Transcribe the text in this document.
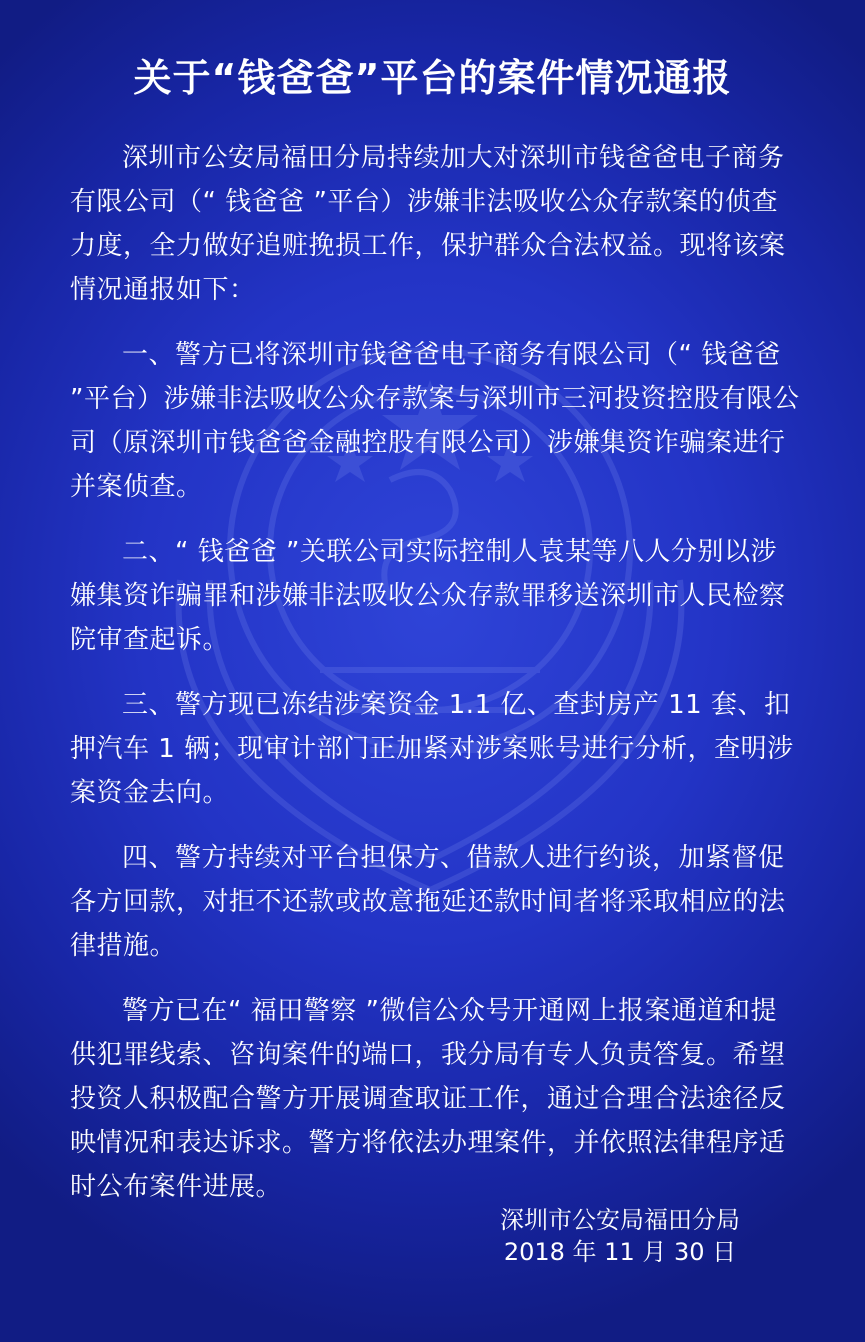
关于“钱爸爸”平台的案件情况通报

深圳市公安局福田分局持续加大对深圳市钱爸爸电子商务有限公司（“ 钱爸爸 ”平台）涉嫌非法吸收公众存款案的侦查力度，全力做好追赃挽损工作，保护群众合法权益。现将该案情况通报如下：

一、警方已将深圳市钱爸爸电子商务有限公司（“ 钱爸爸 ”平台）涉嫌非法吸收公众存款案与深圳市三河投资控股有限公司（原深圳市钱爸爸金融控股有限公司）涉嫌集资诈骗案进行并案侦查。

二、“ 钱爸爸 ”关联公司实际控制人袁某等八人分别以涉嫌集资诈骗罪和涉嫌非法吸收公众存款罪移送深圳市人民检察院审查起诉。

三、警方现已冻结涉案资金 1.1 亿、查封房产 11 套、扣押汽车 1 辆；现审计部门正加紧对涉案账号进行分析，查明涉案资金去向。

四、警方持续对平台担保方、借款人进行约谈，加紧督促各方回款，对拒不还款或故意拖延还款时间者将采取相应的法律措施。

警方已在“ 福田警察 ”微信公众号开通网上报案通道和提供犯罪线索、咨询案件的端口，我分局有专人负责答复。希望投资人积极配合警方开展调查取证工作，通过合理合法途径反映情况和表达诉求。警方将依法办理案件，并依照法律程序适时公布案件进展。

深圳市公安局福田分局
2018 年 11 月 30 日
